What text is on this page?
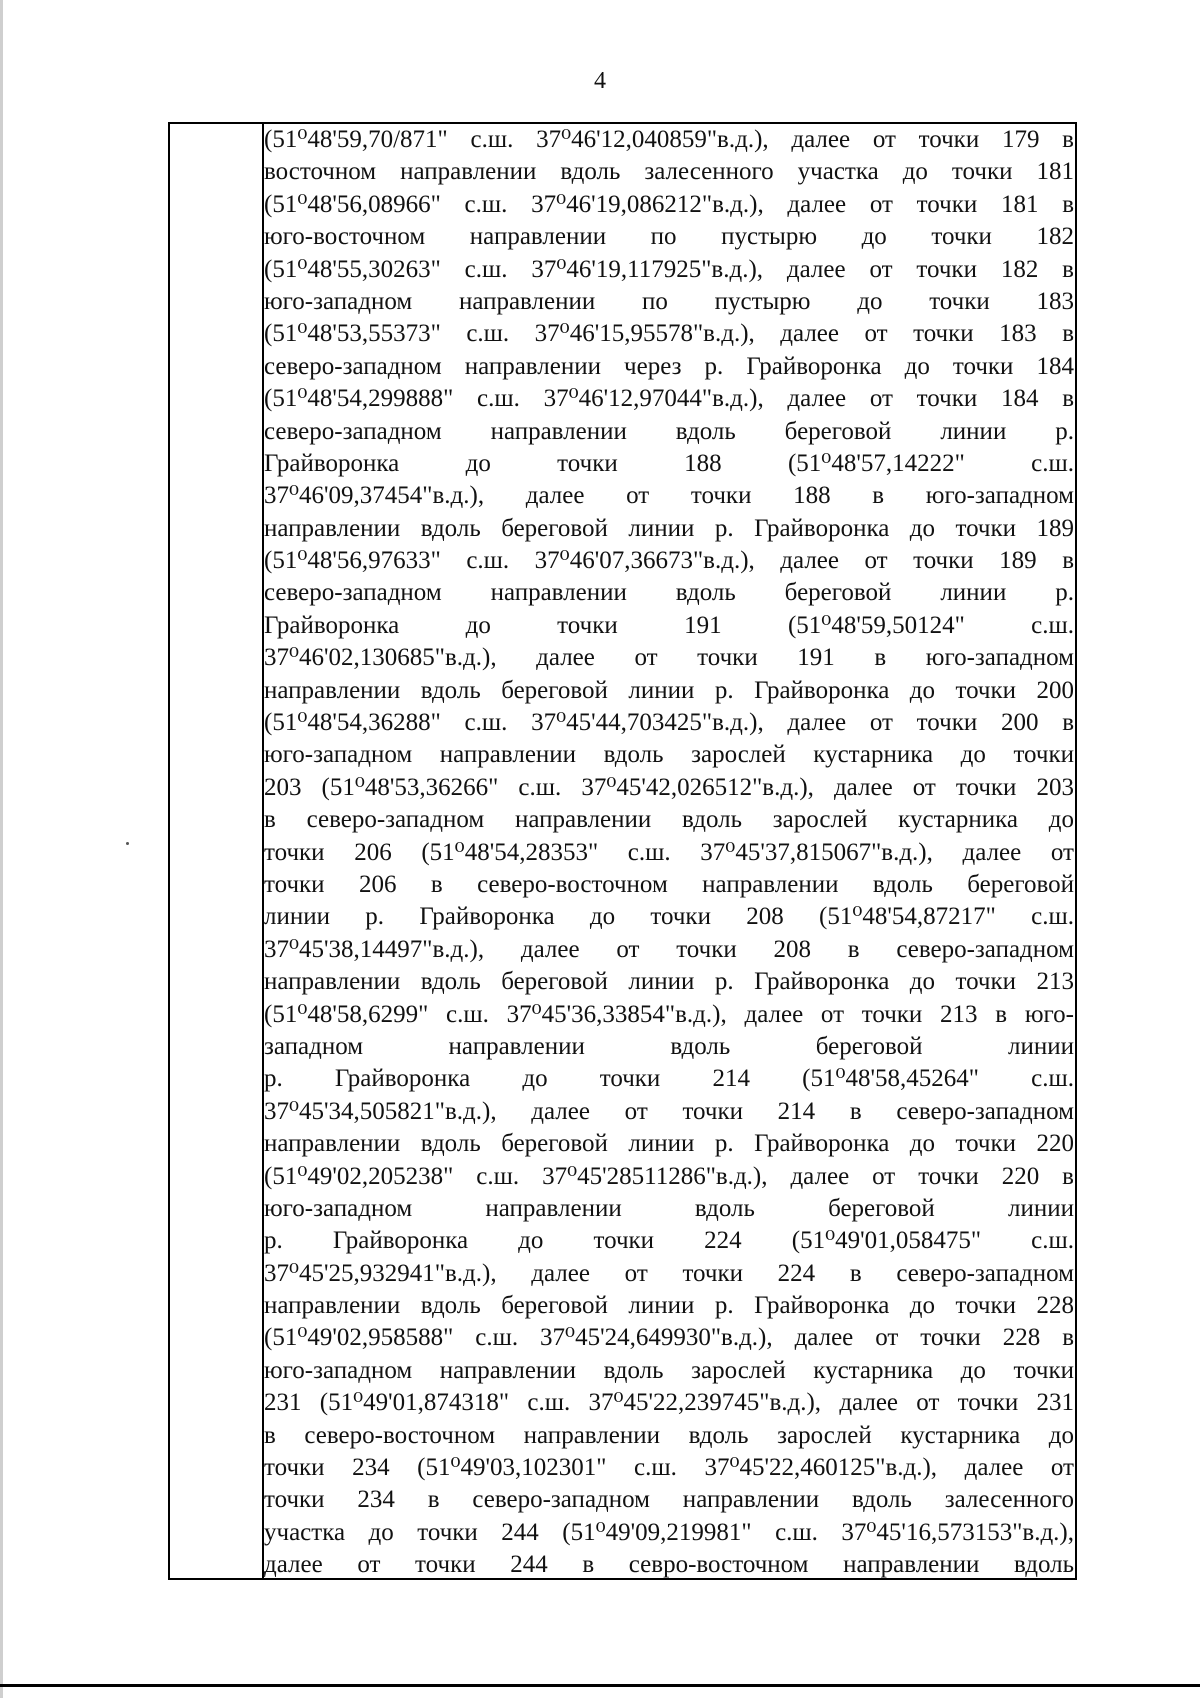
4
(51⁰48'59,70/871" с.ш. 37⁰46'12,040859"в.д.), далее от точки 179 в
восточном направлении вдоль залесенного участка до точки 181
(51⁰48'56,08966" с.ш. 37⁰46'19,086212"в.д.), далее от точки 181 в
юго-восточном направлении по пустырю до точки 182
(51⁰48'55,30263" с.ш. 37⁰46'19,117925"в.д.), далее от точки 182 в
юго-западном направлении по пустырю до точки 183
(51⁰48'53,55373" с.ш. 37⁰46'15,95578"в.д.), далее от точки 183 в
северо-западном направлении через р. Грайворонка до точки 184
(51⁰48'54,299888" с.ш. 37⁰46'12,97044"в.д.), далее от точки 184 в
северо-западном направлении вдоль береговой линии р.
Грайворонка до точки 188 (51⁰48'57,14222" с.ш.
37⁰46'09,37454"в.д.), далее от точки 188 в юго-западном
направлении вдоль береговой линии р. Грайворонка до точки 189
(51⁰48'56,97633" с.ш. 37⁰46'07,36673"в.д.), далее от точки 189 в
северо-западном направлении вдоль береговой линии р.
Грайворонка до точки 191 (51⁰48'59,50124" с.ш.
37⁰46'02,130685"в.д.), далее от точки 191 в юго-западном
направлении вдоль береговой линии р. Грайворонка до точки 200
(51⁰48'54,36288" с.ш. 37⁰45'44,703425"в.д.), далее от точки 200 в
юго-западном направлении вдоль зарослей кустарника до точки
203 (51⁰48'53,36266" с.ш. 37⁰45'42,026512"в.д.), далее от точки 203
в северо-западном направлении вдоль зарослей кустарника до
точки 206 (51⁰48'54,28353" с.ш. 37⁰45'37,815067"в.д.), далее от
точки 206 в северо-восточном направлении вдоль береговой
линии р. Грайворонка до точки 208 (51⁰48'54,87217" с.ш.
37⁰45'38,14497"в.д.), далее от точки 208 в северо-западном
направлении вдоль береговой линии р. Грайворонка до точки 213
(51⁰48'58,6299" с.ш. 37⁰45'36,33854"в.д.), далее от точки 213 в юго-
западном направлении вдоль береговой линии
р. Грайворонка до точки 214 (51⁰48'58,45264" с.ш.
37⁰45'34,505821"в.д.), далее от точки 214 в северо-западном
направлении вдоль береговой линии р. Грайворонка до точки 220
(51⁰49'02,205238" с.ш. 37⁰45'28511286"в.д.), далее от точки 220 в
юго-западном направлении вдоль береговой линии
р. Грайворонка до точки 224 (51⁰49'01,058475" с.ш.
37⁰45'25,932941"в.д.), далее от точки 224 в северо-западном
направлении вдоль береговой линии р. Грайворонка до точки 228
(51⁰49'02,958588" с.ш. 37⁰45'24,649930"в.д.), далее от точки 228 в
юго-западном направлении вдоль зарослей кустарника до точки
231 (51⁰49'01,874318" с.ш. 37⁰45'22,239745"в.д.), далее от точки 231
в северо-восточном направлении вдоль зарослей кустарника до
точки 234 (51⁰49'03,102301" с.ш. 37⁰45'22,460125"в.д.), далее от
точки 234 в северо-западном направлении вдоль залесенного
участка до точки 244 (51⁰49'09,219981" с.ш. 37⁰45'16,573153"в.д.),
далее от точки 244 в севро-восточном направлении вдоль
